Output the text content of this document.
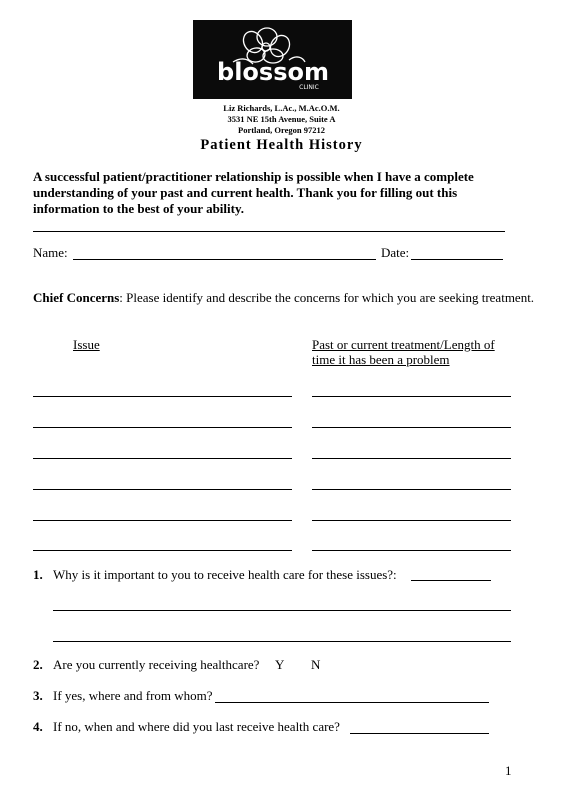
blossom
CLINIC
Liz Richards, L.Ac., M.Ac.O.M.
3531 NE 15th Avenue, Suite A
Portland, Oregon 97212
Patient Health History
A successful patient/practitioner relationship is possible when I have a complete understanding of your past and current health. Thank you for filling out this information to the best of your ability.
Name:	Date:
Chief Concerns: Please identify and describe the concerns for which you are seeking treatment.
Issue	Past or current treatment/Length of
time it has been a problem
1. Why is it important to you to receive health care for these issues?:
2. Are you currently receiving healthcare? Y N
3. If yes, where and from whom?
4. If no, when and where did you last receive health care?
1
